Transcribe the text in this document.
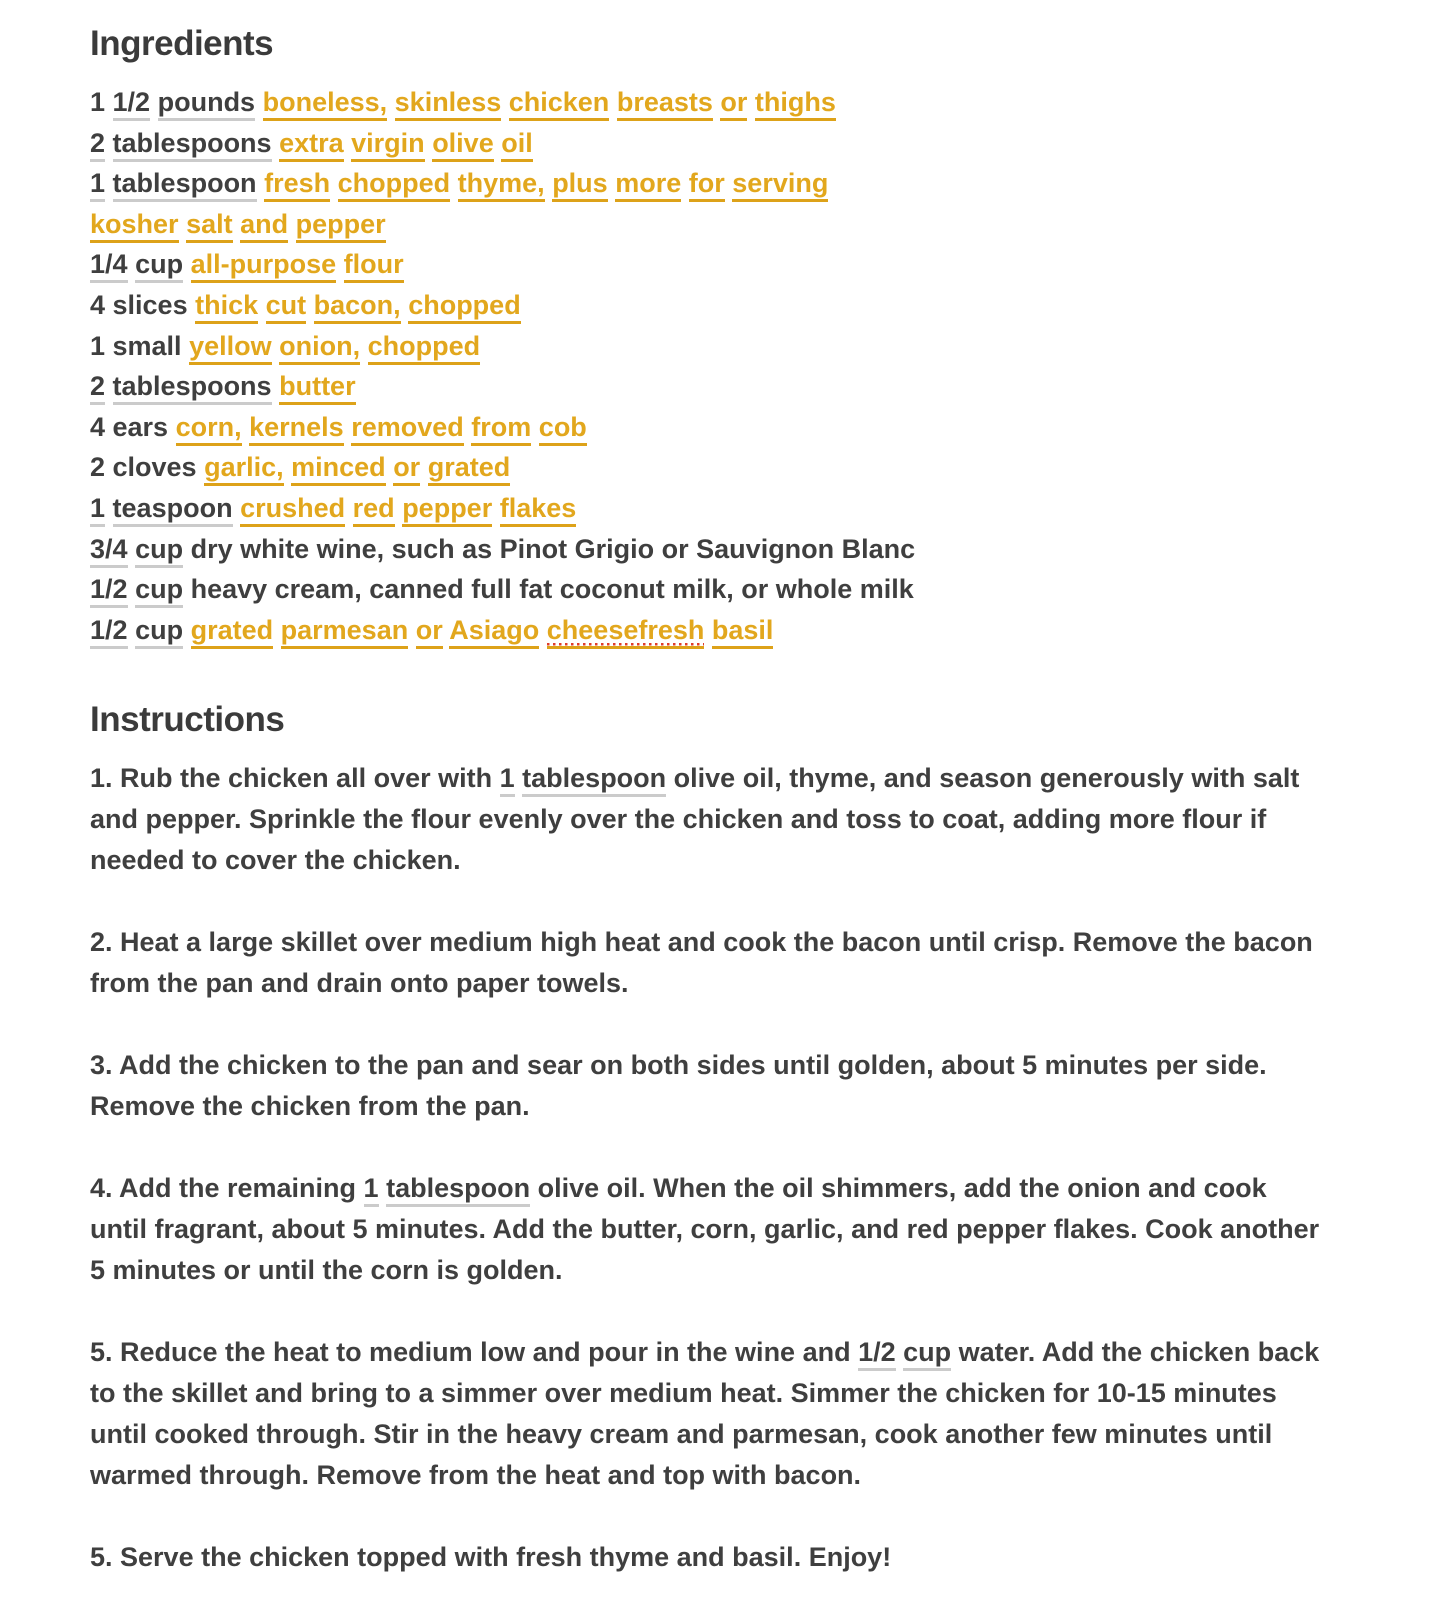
Ingredients
1 1/2 pounds boneless, skinless chicken breasts or thighs
2 tablespoons extra virgin olive oil
1 tablespoon fresh chopped thyme, plus more for serving
kosher salt and pepper
1/4 cup all-purpose flour
4 slices thick cut bacon, chopped
1 small yellow onion, chopped
2 tablespoons butter
4 ears corn, kernels removed from cob
2 cloves garlic, minced or grated
1 teaspoon crushed red pepper flakes
3/4 cup dry white wine, such as Pinot Grigio or Sauvignon Blanc
1/2 cup heavy cream, canned full fat coconut milk, or whole milk
1/2 cup grated parmesan or Asiago cheesefresh basil
Instructions

1. Rub the chicken all over with 1 tablespoon olive oil, thyme, and season generously with salt and pepper. Sprinkle the flour evenly over the chicken and toss to coat, adding more flour if needed to cover the chicken.

2. Heat a large skillet over medium high heat and cook the bacon until crisp. Remove the bacon from the pan and drain onto paper towels.

3. Add the chicken to the pan and sear on both sides until golden, about 5 minutes per side. Remove the chicken from the pan.

4. Add the remaining 1 tablespoon olive oil. When the oil shimmers, add the onion and cook until fragrant, about 5 minutes. Add the butter, corn, garlic, and red pepper flakes. Cook another 5 minutes or until the corn is golden.

5. Reduce the heat to medium low and pour in the wine and 1/2 cup water. Add the chicken back to the skillet and bring to a simmer over medium heat. Simmer the chicken for 10-15 minutes until cooked through. Stir in the heavy cream and parmesan, cook another few minutes until warmed through. Remove from the heat and top with bacon.

5. Serve the chicken topped with fresh thyme and basil. Enjoy!
